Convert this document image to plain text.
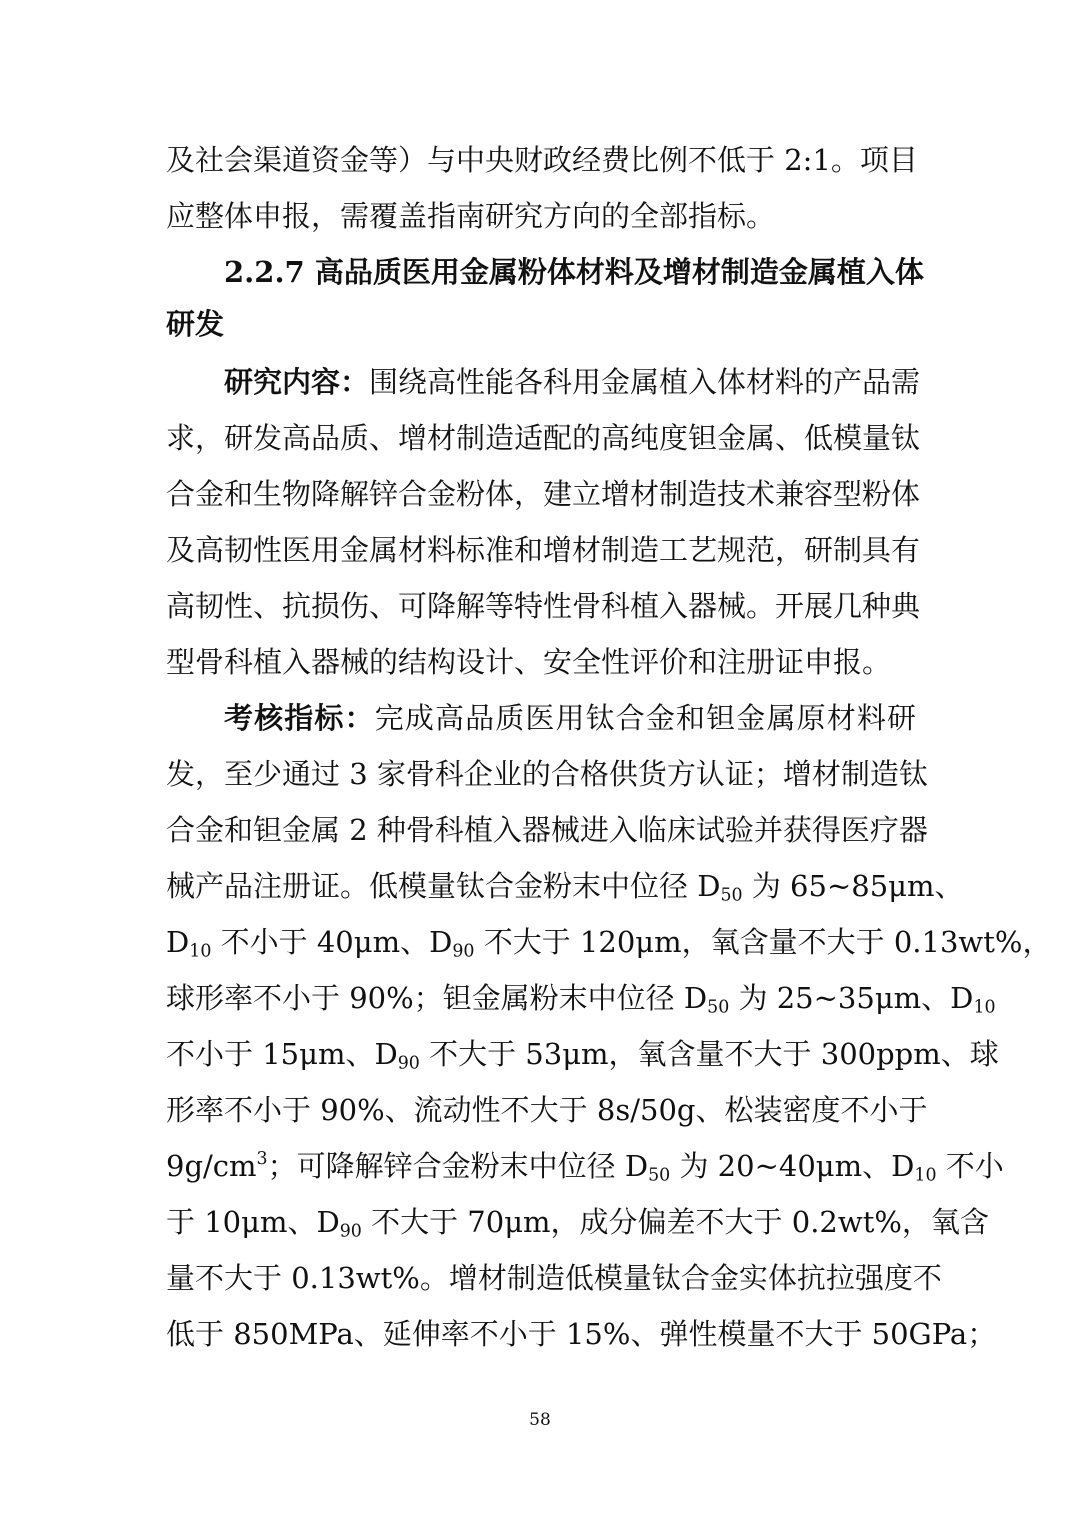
及社会渠道资金等）与中央财政经费比例不低于 2:1。项目
应整体申报，需覆盖指南研究方向的全部指标。
2.2.7 高品质医用金属粉体材料及增材制造金属植入体
研发
研究内容：围绕高性能各科用金属植入体材料的产品需
求，研发高品质、增材制造适配的高纯度钽金属、低模量钛
合金和生物降解锌合金粉体，建立增材制造技术兼容型粉体
及高韧性医用金属材料标准和增材制造工艺规范，研制具有
高韧性、抗损伤、可降解等特性骨科植入器械。开展几种典
型骨科植入器械的结构设计、安全性评价和注册证申报。
考核指标：完成高品质医用钛合金和钽金属原材料研
发，至少通过 3 家骨科企业的合格供货方认证；增材制造钛
合金和钽金属 2 种骨科植入器械进入临床试验并获得医疗器
械产品注册证。低模量钛合金粉末中位径 $D_{50}$ 为 65~85μm、
$D_{10}$ 不小于 40μm、$D_{90}$ 不大于 120μm，氧含量不大于 0.13wt%，
球形率不小于 90%；钽金属粉末中位径 $D_{50}$ 为 25~35μm、$D_{10}$
不小于 15μm、$D_{90}$ 不大于 53μm，氧含量不大于 300ppm、球
形率不小于 90%、流动性不大于 8s/50g、松装密度不小于
$9g/cm^3$；可降解锌合金粉末中位径 $D_{50}$ 为 20~40μm、$D_{10}$ 不小
于 10μm、$D_{90}$ 不大于 70μm，成分偏差不大于 0.2wt%，氧含
量不大于 0.13wt%。增材制造低模量钛合金实体抗拉强度不
低于 850MPa、延伸率不小于 15%、弹性模量不大于 50GPa；
58
